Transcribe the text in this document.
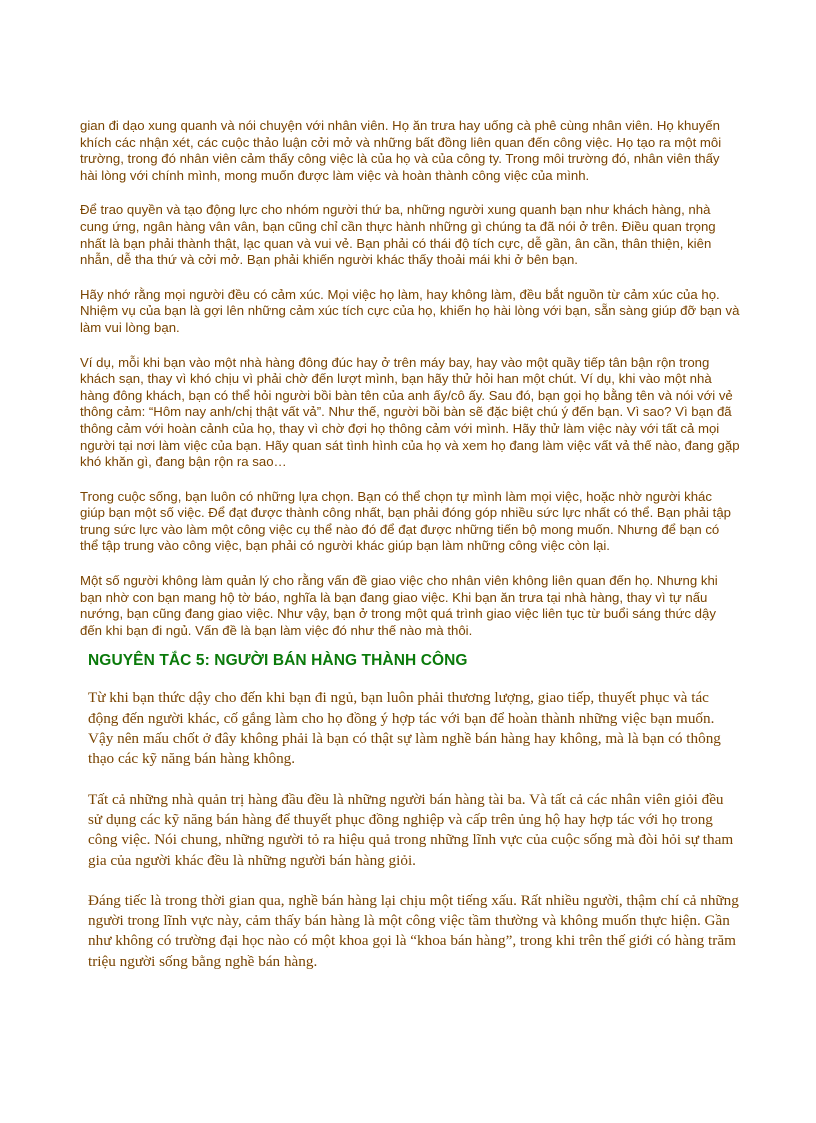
gian đi dạo xung quanh và nói chuyện với nhân viên. Họ ăn trưa hay uống cà phê cùng nhân viên. Họ khuyến khích các nhận xét, các cuộc thảo luận cởi mở và những bất đồng liên quan đến công việc. Họ tạo ra một môi trường, trong đó nhân viên cảm thấy công việc là của họ và của công ty. Trong môi trường đó, nhân viên thấy hài lòng với chính mình, mong muốn được làm việc và hoàn thành công việc của mình.

Để trao quyền và tạo động lực cho nhóm người thứ ba, những người xung quanh bạn như khách hàng, nhà cung ứng, ngân hàng vân vân, bạn cũng chỉ cần thực hành những gì chúng ta đã nói ở trên. Điều quan trọng nhất là bạn phải thành thật, lạc quan và vui vẻ. Bạn phải có thái độ tích cực, dễ gần, ân cần, thân thiện, kiên nhẫn, dễ tha thứ và cởi mở. Bạn phải khiến người khác thấy thoải mái khi ở bên bạn.

Hãy nhớ rằng mọi người đều có cảm xúc. Mọi việc họ làm, hay không làm, đều bắt nguồn từ cảm xúc của họ. Nhiệm vụ của bạn là gợi lên những cảm xúc tích cực của họ, khiến họ hài lòng với bạn, sẵn sàng giúp đỡ bạn và làm vui lòng bạn.

Ví dụ, mỗi khi bạn vào một nhà hàng đông đúc hay ở trên máy bay, hay vào một quầy tiếp tân bận rộn trong khách sạn, thay vì khó chịu vì phải chờ đến lượt mình, bạn hãy thử hỏi han một chút. Ví dụ, khi vào một nhà hàng đông khách, bạn có thể hỏi người bồi bàn tên của anh ấy/cô ấy. Sau đó, bạn gọi họ bằng tên và nói với vẻ thông cảm: “Hôm nay anh/chị thật vất vả”. Như thế, người bồi bàn sẽ đặc biệt chú ý đến bạn. Vì sao? Vì bạn đã thông cảm với hoàn cảnh của họ, thay vì chờ đợi họ thông cảm với mình. Hãy thử làm việc này với tất cả mọi người tại nơi làm việc của bạn. Hãy quan sát tình hình của họ và xem họ đang làm việc vất vả thế nào, đang gặp khó khăn gì, đang bận rộn ra sao…

Trong cuộc sống, bạn luôn có những lựa chọn. Bạn có thể chọn tự mình làm mọi việc, hoặc nhờ người khác giúp bạn một số việc. Để đạt được thành công nhất, bạn phải đóng góp nhiều sức lực nhất có thể. Bạn phải tập trung sức lực vào làm một công việc cụ thể nào đó để đạt được những tiến bộ mong muốn. Nhưng để bạn có thể tập trung vào công việc, bạn phải có người khác giúp bạn làm những công việc còn lại.

Một số người không làm quản lý cho rằng vấn đề giao việc cho nhân viên không liên quan đến họ. Nhưng khi bạn nhờ con bạn mang hộ tờ báo, nghĩa là bạn đang giao việc. Khi bạn ăn trưa tại nhà hàng, thay vì tự nấu nướng, bạn cũng đang giao việc. Như vậy, bạn ở trong một quá trình giao việc liên tục từ buổi sáng thức dậy đến khi bạn đi ngủ. Vấn đề là bạn làm việc đó như thế nào mà thôi.

NGUYÊN TẮC 5: NGƯỜI BÁN HÀNG THÀNH CÔNG

Từ khi bạn thức dậy cho đến khi bạn đi ngủ, bạn luôn phải thương lượng, giao tiếp, thuyết phục và tác động đến người khác, cố gắng làm cho họ đồng ý hợp tác với bạn để hoàn thành những việc bạn muốn. Vậy nên mấu chốt ở đây không phải là bạn có thật sự làm nghề bán hàng hay không, mà là bạn có thông thạo các kỹ năng bán hàng không.

Tất cả những nhà quản trị hàng đầu đều là những người bán hàng tài ba. Và tất cả các nhân viên giỏi đều sử dụng các kỹ năng bán hàng để thuyết phục đồng nghiệp và cấp trên ủng hộ hay hợp tác với họ trong công việc. Nói chung, những người tỏ ra hiệu quả trong những lĩnh vực của cuộc sống mà đòi hỏi sự tham gia của người khác đều là những người bán hàng giỏi.

Đáng tiếc là trong thời gian qua, nghề bán hàng lại chịu một tiếng xấu. Rất nhiều người, thậm chí cả những người trong lĩnh vực này, cảm thấy bán hàng là một công việc tầm thường và không muốn thực hiện. Gần như không có trường đại học nào có một khoa gọi là “khoa bán hàng”, trong khi trên thế giới có hàng trăm triệu người sống bằng nghề bán hàng.
